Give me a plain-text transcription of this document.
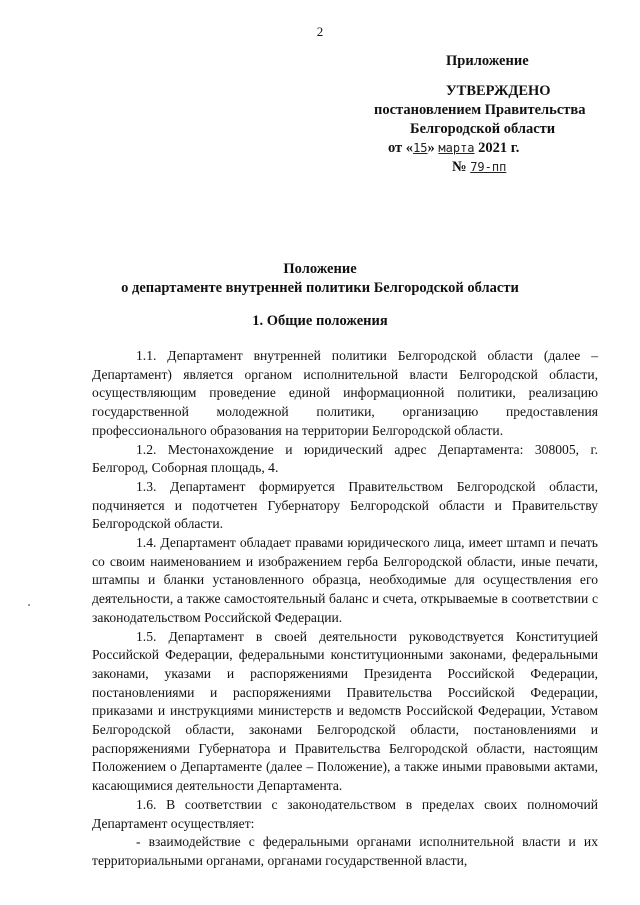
2
Приложение
УТВЕРЖДЕНО
постановлением Правительства
Белгородской области
от «15» марта 2021 г.
№ 79-пп
Положение
о департаменте внутренней политики Белгородской области
1. Общие положения

1.1. Департамент внутренней политики Белгородской области (далее – Департамент) является органом исполнительной власти Белгородской области, осуществляющим проведение единой информационной политики, реализацию государственной молодежной политики, организацию предоставления профессионального образования на территории Белгородской области.

1.2. Местонахождение и юридический адрес Департамента: 308005, г. Белгород, Соборная площадь, 4.

1.3. Департамент формируется Правительством Белгородской области, подчиняется и подотчетен Губернатору Белгородской области и Правительству Белгородской области.

1.4. Департамент обладает правами юридического лица, имеет штамп и печать со своим наименованием и изображением герба Белгородской области, иные печати, штампы и бланки установленного образца, необходимые для осуществления его деятельности, а также самостоятельный баланс и счета, открываемые в соответствии с законодательством Российской Федерации.

1.5. Департамент в своей деятельности руководствуется Конституцией Российской Федерации, федеральными конституционными законами, федеральными законами, указами и распоряжениями Президента Российской Федерации, постановлениями и распоряжениями Правительства Российской Федерации, приказами и инструкциями министерств и ведомств Российской Федерации, Уставом Белгородской области, законами Белгородской области, постановлениями и распоряжениями Губернатора и Правительства Белгородской области, настоящим Положением о Департаменте (далее – Положение), а также иными правовыми актами, касающимися деятельности Департамента.

1.6. В соответствии с законодательством в пределах своих полномочий Департамент осуществляет:

- взаимодействие с федеральными органами исполнительной власти и их территориальными органами, органами государственной власти,
